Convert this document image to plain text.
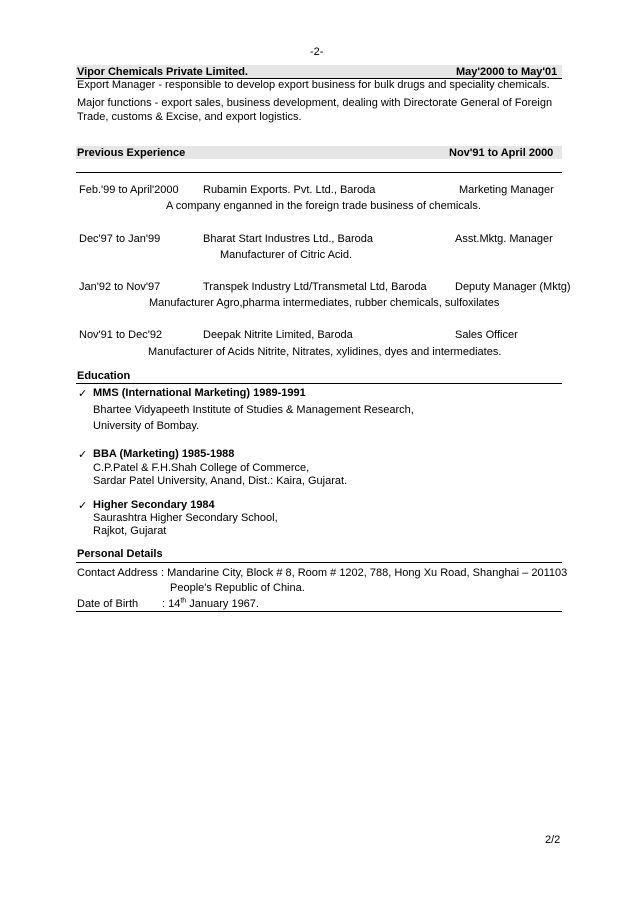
-2-
Vipor Chemicals Private Limited.	May'2000 to May'01
Export Manager - responsible to develop export business for bulk drugs and speciality chemicals.
Major functions - export sales, business development, dealing with Directorate General of Foreign
Trade, customs & Excise, and export logistics.
Previous Experience	Nov'91 to April 2000
Feb.'99 to April'2000 Rubamin Exports. Pvt. Ltd., Baroda	Marketing Manager
A company enganned in the foreign trade business of chemicals.
Dec'97 to Jan'99	Bharat Start Industres Ltd., Baroda	Asst.Mktg. Manager
Manufacturer of Citric Acid.
Jan'92 to Nov'97	Transpek Industry Ltd/Transmetal Ltd, Baroda	Deputy Manager (Mktg)
Manufacturer Agro,pharma intermediates, rubber chemicals, sulfoxilates
Nov'91 to Dec'92	Deepak Nitrite Limited, Baroda	Sales Officer
Manufacturer of Acids Nitrite, Nitrates, xylidines, dyes and intermediates.
Education
✓ MMS (International Marketing) 1989-1991
Bhartee Vidyapeeth Institute of Studies & Management Research,
University of Bombay.
✓ BBA (Marketing) 1985-1988
C.P.Patel & F.H.Shah College of Commerce,
Sardar Patel University, Anand, Dist.: Kaira, Gujarat.
✓ Higher Secondary 1984
Saurashtra Higher Secondary School,
Rajkot, Gujarat
Personal Details
Contact Address : Mandarine City, Block # 8, Room # 1202, 788, Hong Xu Road, Shanghai – 201103
People's Republic of China.
Date of Birth : 14th January 1967.
2/2
